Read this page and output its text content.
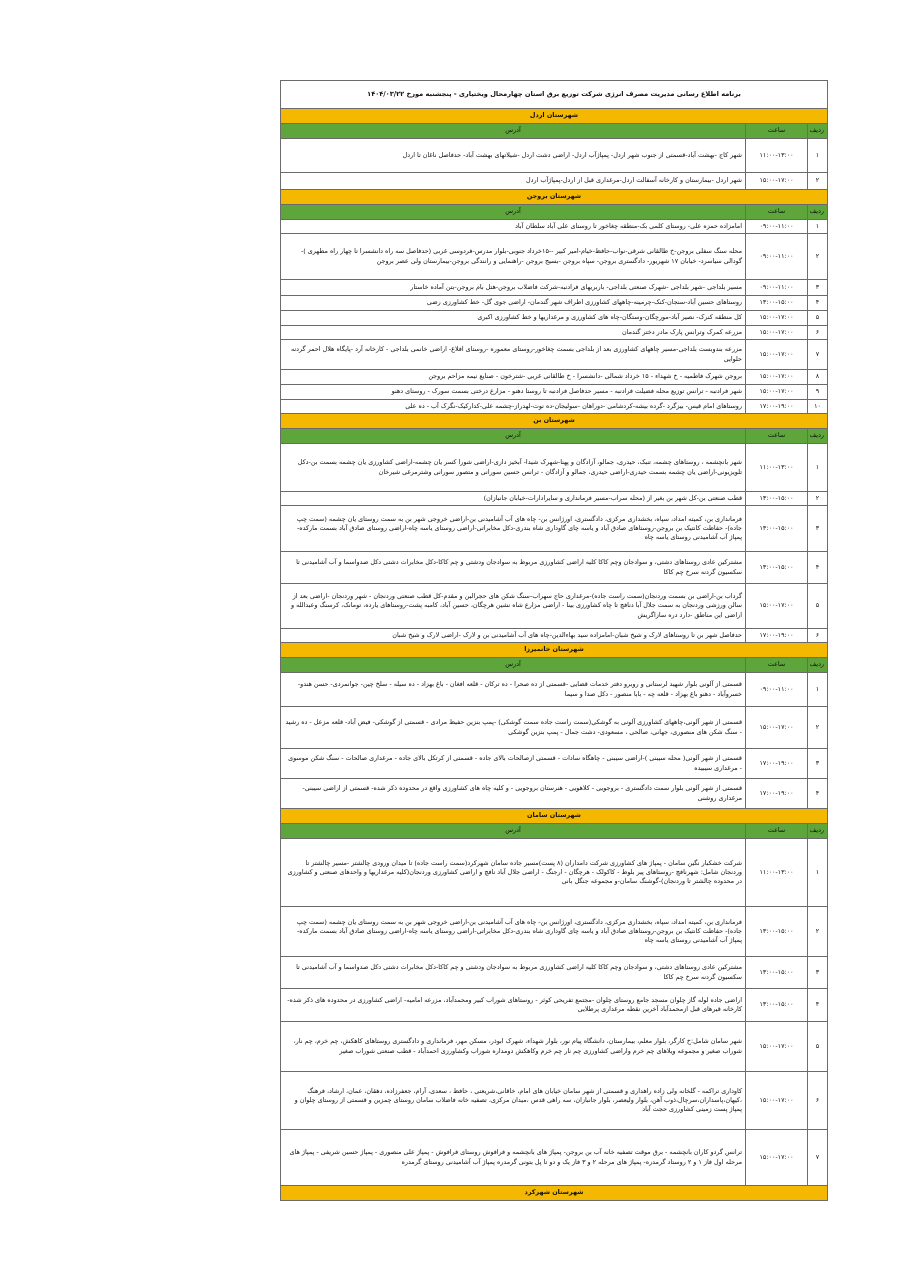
برنامه اطلاع رسانی مدیریت مصرف انرژی شرکت توزیع برق استان چهارمحال وبختیاری - پنجشنبه مورخ ۱۴۰۴/۰۳/۲۲		
شهرستان اردل		
ردیف	ساعت	آدرس
۱	۱۱:۰۰-۱۳:۰۰	شهر کاج -بهشت آباد-قسمتی از جنوب شهر اردل- پمپاژآب اردل- اراضی دشت اردل -شیلاتهای بهشت آباد- حدفاصل ناغان تا اردل
۲	۱۵:۰۰-۱۷:۰۰	شهر اردل -بیمارستان و کارخانه آسفالت اردل-مرغداری قبل از اردل-پمپاژآب اردل
شهرستان بروجن		
ردیف	ساعت	آدرس
۱	۰۹:۰۰-۱۱:۰۰	امامزاده حمزه علی- روستای کلمی بک-منطقه چغاخور تا روستای علی آباد سلطان آباد
۲	۰۹:۰۰-۱۱:۰۰	محله سنگ سفلی بروجن-خ طالقانی شرقی-نواب-حافظ-خیام-امیر کبیر --۱۵خرداد جنوبی-بلوار مدرس-فردوسی غربی (حدفاصل سه راه دانشسرا تا چهار راه مطهری )-گودالی سیاسرد- خیابان ۱۷ شهریور- دادگستری بروجن- سپاه بروجن -بسیج بروجن -راهنمایی و رانندگی بروجن-بیمارستان ولی عصر بروجن
۳	۰۹:۰۰-۱۱:۰۰	مسیر بلداجی -شهر بلداجی -شهرک صنعتی بلداجی- باربریهای فرادنبه-شرکت فاضلاب بروجن-هتل بام بروجن-بتن آماده خاستار
۴	۱۳:۰۰-۱۵:۰۰	روستاهای حسین آباد-سنجان-کنک-چرمینه-چاههای کشاورزی اطراف شهر گندمان- اراضی جوی گل- خط کشاورزی رضی
۵	۱۵:۰۰-۱۷:۰۰	کل منطقه کنرک- نصیر آباد-مورچگان-وستگان-چاه های کشاورزی و مرغداریها و خط کشاورزی اکبری
۶	۱۵:۰۰-۱۷:۰۰	مزرعه کمرک وترانس پارک مادر دختر گندمان
۷	۱۵:۰۰-۱۷:۰۰	مزرعه بندوبست بلداجی-مسیر چاههای کشاورزی بعد از بلداجی بسمت چغاخور-روستای معموره -روستای افلاغ- اراضی خانمی بلداجی - کارخانه آرد -پایگاه هلال احمر گردنه حلوایی
۸	۱۵:۰۰-۱۷:۰۰	بروجن شهرک فاطمیه - خ شهداء - ۱۵ خرداد شمالی -دانشسرا - خ طالقانی غربی -شترخون - صنایع نیمه مزاحم بروجن
۹	۱۵:۰۰-۱۷:۰۰	شهر فرادنبه - ترانس توزیع محله فضیلت فرادنبه - مسیر حدفاصل فرادنبه تا روستا دهنو - مزارع درختی بسمت سورک - روستای دهنو
۱۰	۱۷:۰۰-۱۹:۰۰	روستاهای امام قیس- بیزگرد -گرده بیشه-کردشامی -دوراهان -سولیجان-ده نوت-لهدراز-چشمه علی-کدارکیک-نگرک آب - ده علی
شهرستان بن		
ردیف	ساعت	آدرس
۱	۱۱:۰۰-۱۳:۰۰	شهر بانچشمه ، روستاهای چشمه، تنبک، حیدری، جمالو، آزادگان و پهنا-شهرک شیدا- آبخیز داری-اراضی شورا کسر یان چشمه-اراضی کشاورزی یان چشمه بسمت بن-دکل تلویزیونی-اراضی یان چشمه بسمت حیدری-اراضی حیدری، جمالو و آزادگان - ترانس حسین سورانی و متصور سورانی وشترمرغی شیرخان
۲	۱۳:۰۰-۱۵:۰۰	قطب صنعتی بن-کل شهر بن بغیر از (محله سراب-مسیر فرمانداری و سایرادارات-خیابان جانبازان)
۳	۱۳:۰۰-۱۵:۰۰	فرمانداری بن، کمیته امداد، سپاه، بخشداری مرکزی، دادگستری، اورژانس بن- چاه های آب آشامیدنی بن-اراضی خروجی شهر بن به سمت روستای یان چشمه (سمت چپ جاده)- حفاظت کانتیک بن بروجن-روستاهای صادق آباد و یاسه چای گاوداری شاه بندری-دکل مخابراتی-اراضی روستای یاسه چاه-اراضی روستای صادق آباد بسمت مارکده- پمپاژ آب آشامیدنی روستای یاسه چاه
۴	۱۳:۰۰-۱۵:۰۰	مشترکین عادی روستاهای دشتی، و سوادجان وچم کاکا کلیه اراضی کشاورزی مربوط به سوادجان ودشتی و چم کاکا-دکل مخابرات دشتی دکل صدواسما و آب آشامیدنی تا سکسیون گردنه سرخ چم کاکا
۵	۱۵:۰۰-۱۷:۰۰	گرداب بن-اراضی بن بسمت وردنجان(سمت راست جاده)-مرغداری حاج سهراب-سنگ شکن های حجرالبن و مقدم-کل قطب صنعتی وردنجان - شهر وردنجان -اراضی بعد از سالن ورزشی وردنجان به سمت جلال آبا دنافچ تا چاه کشاورزی بینا - اراضی مزارع شاه نشین هرچگان، حسین آباد، کامبه پشت-روستاهای یارده، تومانک، کرسنگ وعبدالله و اراضی این مناطق -دارد دره سازاگریش
۶	۱۷:۰۰-۱۹:۰۰	حدفاصل شهر بن تا روستاهای لارک و شیخ شبان-امامزاده سید بهاءالدین-چاه های آب آشامیدنی بن و لارک -اراضی لارک و شیخ شبان
شهرستان خانمیرزا		
ردیف	ساعت	آدرس
۱	۰۹:۰۰-۱۱:۰۰	قسمتی از آلونی بلوار شهید لرستانی و روبرو دفتر خدمات قضایی -قسمتی از ده صحرا - ده ترکان - قلعه افغان - باغ بهزاد - ده سیله - سلخ چین- جوانمردی- حسن هندو- خسروآباد - دهنو باغ بهزاد - قلعه چه - بابا منصور - دکل صدا و سیما
۲	۱۵:۰۰-۱۷:۰۰	قسمتی از شهر آلونی،چاههای کشاورزی آلونی به گوشکی(سمت راست جاده سمت گوشکی) -پمپ بنزین حفیظ مرادی - قسمتی از گوشکی- فیض آباد- قلعه مزعل - ده رشید - سنگ شکن های منصوری، جهانی، صالحی ، مسعودی- دشت جمال - پمپ بنزین گوشکی
۳	۱۷:۰۰-۱۹:۰۰	قسمتی از شهر آلونی( محله سیبنی )-اراضی سیبنی - چاهگاه سادات - قسمتی ازصالحات بالای جاده - قسمتی از کرتکل بالای جاده - مرغداری صالحات - سنگ شکن موسوی - مرغداری سیبیده
۴	۱۷:۰۰-۱۹:۰۰	قسمتی از شهر آلونی بلوار سمت دادگستری - بروجویی - کلاهویی - هنرستان بروجویی - و کلیه چاه های کشاورزی واقع در محدوده ذکر شده- قسمتی از اراضی سیبنی-مرغداری روشنی
شهرستان سامان		
ردیف	ساعت	آدرس
۱	۱۱:۰۰-۱۳:۰۰	شرکت خشکبار نگین سامان - پمپاژ های کشاورزی شرکت دامداران (۸ پست)مسیر جاده سامان شهرکرد(سمت راست جاده) تا میدان ورودی چالشتر -مسیر چالشتر تا وردنجان شامل: شهرنافچ -روستاهای پیر بلوط - کاکولک - هرچگان - ارجنگ - اراضی جلال آباد نافچ و اراضی کشاورزی وردنجان(کلیه مرغداریها و واحدهای صنعتی و کشاورزی در محدوده چالشتر تا وردنجان)-گوشنگ سامان-و مجموعه جنگل بانی
۲	۱۳:۰۰-۱۵:۰۰	فرمانداری بن، کمیته امداد، سپاه، بخشداری مرکزی، دادگستری، اورژانس بن- چاه های آب آشامیدنی بن-اراضی خروجی شهر بن به سمت روستای یان چشمه (سمت چپ جاده)- حفاظت کانتیک بن بروجن-روستاهای صادق آباد و یاسه چای گاوداری شاه بندری-دکل مخابراتی-اراضی روستای یاسه چاه-اراضی روستای صادق آباد بسمت مارکده- پمپاژ آب آشامیدنی روستای یاسه چاه
۳	۱۳:۰۰-۱۵:۰۰	مشترکین عادی روستاهای دشتی، و سوادجان وچم کاکا کلیه اراضی کشاورزی مربوط به سوادجان ودشتی و چم کاکا-دکل مخابرات دشتی دکل صدواسما و آب آشامیدنی تا سکسیون گردنه سرخ چم کاکا
۴	۱۳:۰۰-۱۵:۰۰	اراضی جاده لوله گاز چلوان مسجد جامع روستای چلوان -مجتمع تفریحی کوثر - روستاهای شوراب کبیر ومحمدآباد، مزرعه امامیه- اراضی کشاورزی در محدوده های ذکر شده-کارخانه قیرهای قبل ازمحمدآباد آخرین نقطه مرغداری پرطلایی
۵	۱۵:۰۰-۱۷:۰۰	شهر سامان شامل:خ کارگر، بلوار معلم، بیمارستان، دانشگاه پیام نور، بلوار شهداء، شهرک ابوذر، مسکن مهر، فرمانداری و دادگستری روستاهای کاهکش، چم خرم، چم نار، شوراب صغیر و مجموعه ویلاهای چم خرم واراضی کشاورزی چم نار چم خرم وکاهکش دومداره شوراب وکشاورزی احمدآباد - قطب صنعتی شوراب صغیر
۶	۱۵:۰۰-۱۷:۰۰	کاوداری تراکمه - گلخانه ولی زاده راهداری و قسمتی از شهر سامان خیابان های امام، خاقانی،شریعتی ، حافظ ، سعدی، آرام، جعفرزاده، دهقان، عمان، ارشاد، فرهنگ ،کیهان،پاسداران،سرچال،ذوب آهن، بلوار ولیعصر، بلوار جانبازان، سه راهی قدس ،میدان مرکزی، تصفیه خانه فاضلاب سامان روستای چمزین و قسمتی از روستای چلوان و پمپاژ پست زمینی کشاورزی حجت آباد
۷	۱۵:۰۰-۱۷:۰۰	ترانس گردو کاران بانچشمه - برق موقت تصفیه خانه آب بن بروجن- پمپاژ های بانچشمه و فرافوش روستای فرافوش - پمپاژ علی منصوری - پمپاژ حسین شریفی - پمپاژ های مرحله اول فاز ۱ و ۲ روستاد گرمدره- پمپاژ های مرحله ۲ و ۳ فاز یک و دو تا پل بتونی گرمدره پمپاژ آب آشامیدنی روستای گرمدره
شهرستان شهرکرد		
